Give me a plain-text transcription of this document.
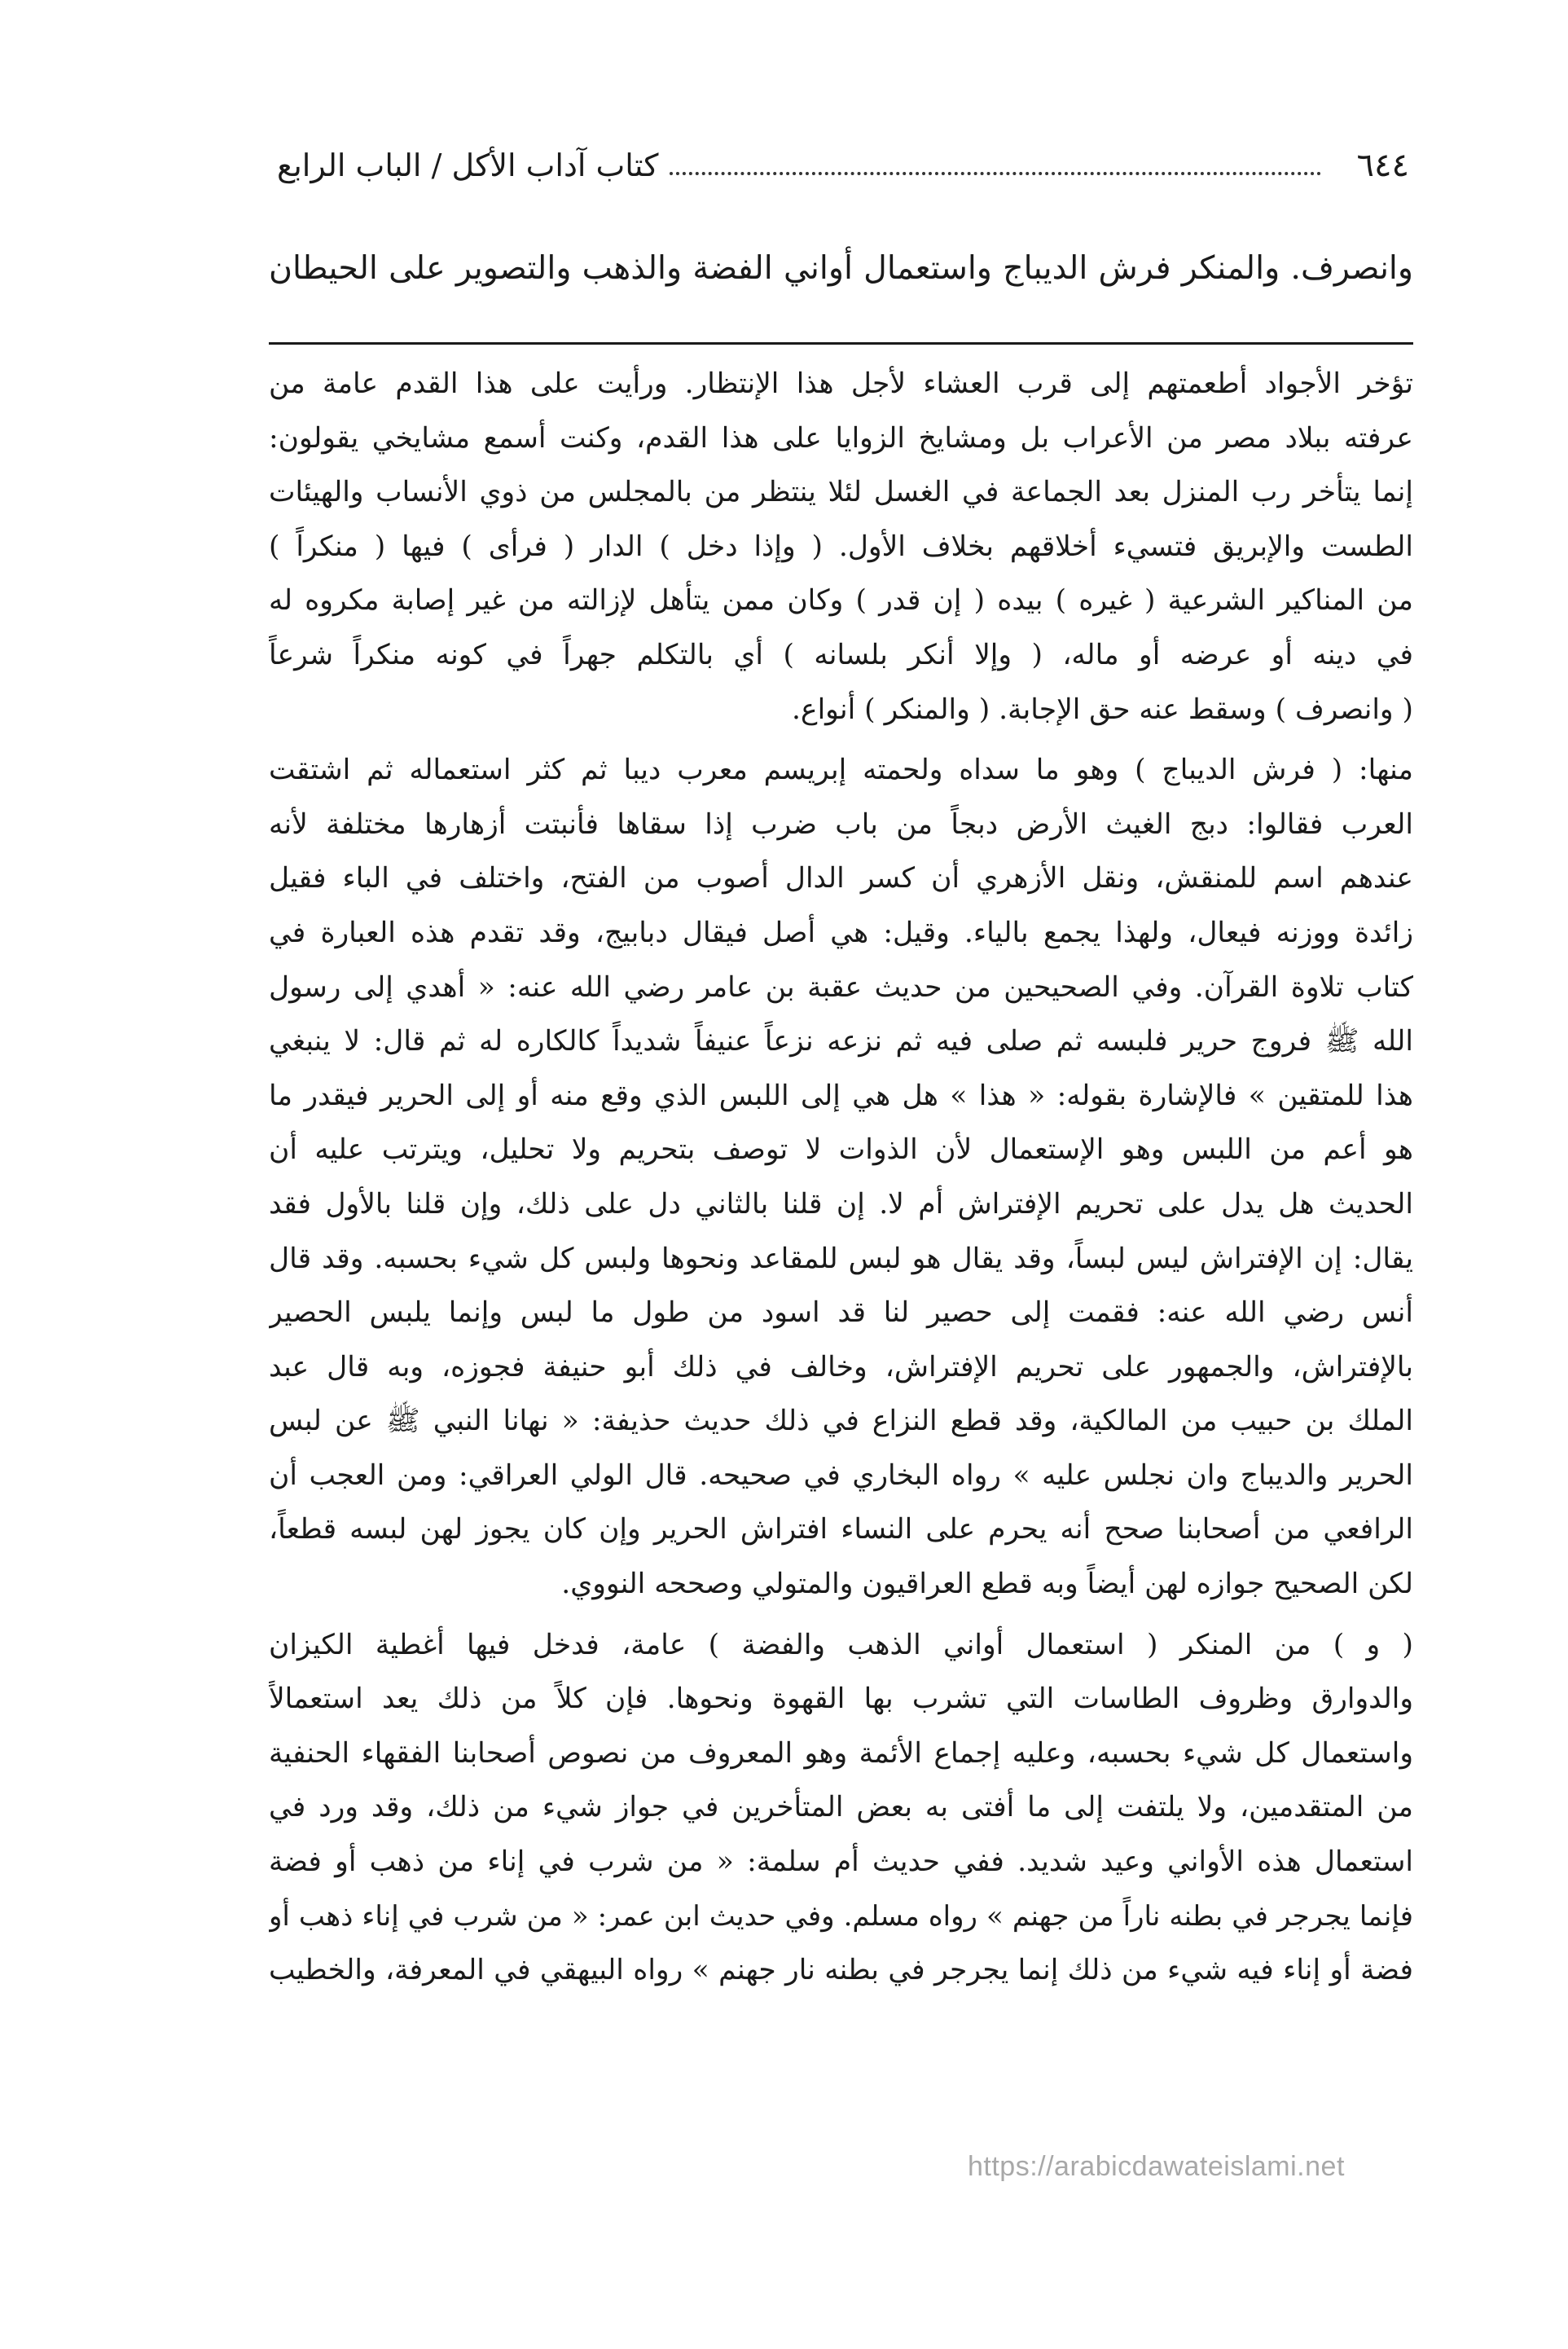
٦٤٤
كتاب آداب الأكل / الباب الرابع
وانصرف. والمنكر فرش الديباج واستعمال أواني الفضة والذهب والتصوير على الحيطان
تؤخر الأجواد أطعمتهم إلى قرب العشاء لأجل هذا الإنتظار. ورأيت على هذا القدم عامة من
عرفته ببلاد مصر من الأعراب بل ومشايخ الزوايا على هذا القدم، وكنت أسمع مشايخي يقولون:
إنما يتأخر رب المنزل بعد الجماعة في الغسل لئلا ينتظر من بالمجلس من ذوي الأنساب والهيئات
الطست والإبريق فتسيء أخلاقهم بخلاف الأول. ( وإذا دخل ) الدار ( فرأى ) فيها ( منكراً )
من المناكير الشرعية ( غيره ) بيده ( إن قدر ) وكان ممن يتأهل لإزالته من غير إصابة مكروه له
في دينه أو عرضه أو ماله، ( وإلا أنكر بلسانه ) أي بالتكلم جهراً في كونه منكراً شرعاً
( وانصرف ) وسقط عنه حق الإجابة. ( والمنكر ) أنواع.
منها: ( فرش الديباج ) وهو ما سداه ولحمته إبريسم معرب ديبا ثم كثر استعماله ثم اشتقت
العرب فقالوا: دبج الغيث الأرض دبجاً من باب ضرب إذا سقاها فأنبتت أزهارها مختلفة لأنه
عندهم اسم للمنقش، ونقل الأزهري أن كسر الدال أصوب من الفتح، واختلف في الباء فقيل
زائدة ووزنه فيعال، ولهذا يجمع بالياء. وقيل: هي أصل فيقال دبابيج، وقد تقدم هذه العبارة في
كتاب تلاوة القرآن. وفي الصحيحين من حديث عقبة بن عامر رضي الله عنه: « أهدي إلى رسول
الله ﷺ فروج حرير فلبسه ثم صلى فيه ثم نزعه نزعاً عنيفاً شديداً كالكاره له ثم قال: لا ينبغي
هذا للمتقين » فالإشارة بقوله: « هذا » هل هي إلى اللبس الذي وقع منه أو إلى الحرير فيقدر ما
هو أعم من اللبس وهو الإستعمال لأن الذوات لا توصف بتحريم ولا تحليل، ويترتب عليه أن
الحديث هل يدل على تحريم الإفتراش أم لا. إن قلنا بالثاني دل على ذلك، وإن قلنا بالأول فقد
يقال: إن الإفتراش ليس لبساً، وقد يقال هو لبس للمقاعد ونحوها ولبس كل شيء بحسبه. وقد قال
أنس رضي الله عنه: فقمت إلى حصير لنا قد اسود من طول ما لبس وإنما يلبس الحصير
بالإفتراش، والجمهور على تحريم الإفتراش، وخالف في ذلك أبو حنيفة فجوزه، وبه قال عبد
الملك بن حبيب من المالكية، وقد قطع النزاع في ذلك حديث حذيفة: « نهانا النبي ﷺ عن لبس
الحرير والديباج وان نجلس عليه » رواه البخاري في صحيحه. قال الولي العراقي: ومن العجب أن
الرافعي من أصحابنا صحح أنه يحرم على النساء افتراش الحرير وإن كان يجوز لهن لبسه قطعاً،
لكن الصحيح جوازه لهن أيضاً وبه قطع العراقيون والمتولي وصححه النووي.
( و ) من المنكر ( استعمال أواني الذهب والفضة ) عامة، فدخل فيها أغطية الكيزان
والدوارق وظروف الطاسات التي تشرب بها القهوة ونحوها. فإن كلاً من ذلك يعد استعمالاً
واستعمال كل شيء بحسبه، وعليه إجماع الأئمة وهو المعروف من نصوص أصحابنا الفقهاء الحنفية
من المتقدمين، ولا يلتفت إلى ما أفتى به بعض المتأخرين في جواز شيء من ذلك، وقد ورد في
استعمال هذه الأواني وعيد شديد. ففي حديث أم سلمة: « من شرب في إناء من ذهب أو فضة
فإنما يجرجر في بطنه ناراً من جهنم » رواه مسلم. وفي حديث ابن عمر: « من شرب في إناء ذهب أو
فضة أو إناء فيه شيء من ذلك إنما يجرجر في بطنه نار جهنم » رواه البيهقي في المعرفة، والخطيب
https://arabicdawateislami.net
